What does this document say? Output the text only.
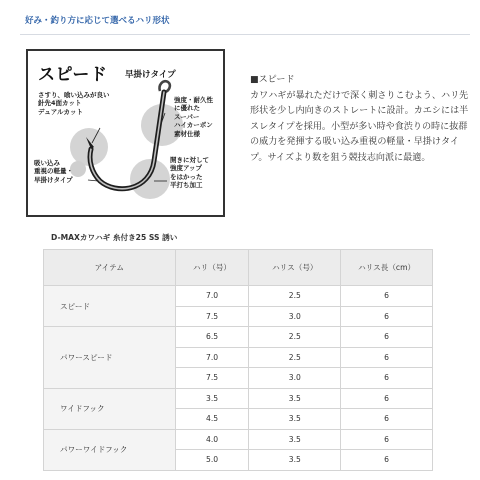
好み・釣り方に応じて選べるハリ形状
スピード 早掛けタイプ
さすり、喰い込みが良い
針先4面カット
デュアルカット
強度・耐久性
に優れた
スーパー
ハイカーボン
素材仕様
吸い込み
重視の軽量・
早掛けタイプ
開きに対して
強度アップ
をはかった
平打ち加工
■スピード
カワハギが暴れただけで深く刺さりこむよう、ハリ先形状を少し内向きのストレートに設計。カエシには半スレタイプを採用。小型が多い時や食渋りの時に抜群の威力を発揮する吸い込み重視の軽量・早掛けタイプ。サイズより数を狙う競技志向派に最適。
D-MAXカワハギ 糸付き25 SS 誘い
アイテム	ハリ（号）	ハリス（号）	ハリス長（cm）
スピード	7.0	2.5	6
	7.5	3.0	6
パワースピード	6.5	2.5	6
	7.0	2.5	6
	7.5	3.0	6
ワイドフック	3.5	3.5	6
	4.5	3.5	6
パワーワイドフック	4.0	3.5	6
	5.0	3.5	6
